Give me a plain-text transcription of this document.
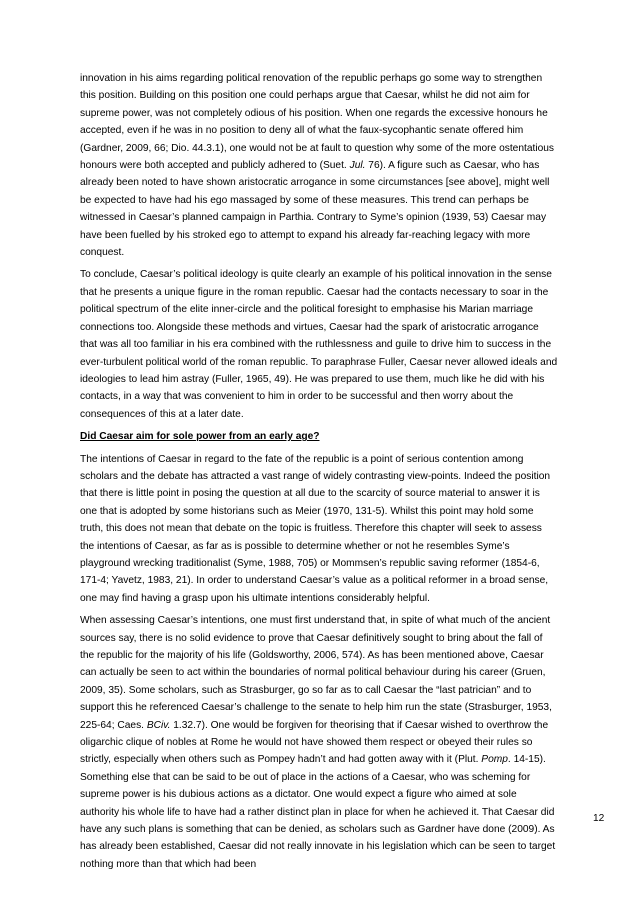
innovation in his aims regarding political renovation of the republic perhaps go some way to strengthen this position. Building on this position one could perhaps argue that Caesar, whilst he did not aim for supreme power, was not completely odious of his position. When one regards the excessive honours he accepted, even if he was in no position to deny all of what the faux-sycophantic senate offered him (Gardner, 2009, 66; Dio. 44.3.1), one would not be at fault to question why some of the more ostentatious honours were both accepted and publicly adhered to (Suet. Jul. 76). A figure such as Caesar, who has already been noted to have shown aristocratic arrogance in some circumstances [see above], might well be expected to have had his ego massaged by some of these measures. This trend can perhaps be witnessed in Caesar’s planned campaign in Parthia. Contrary to Syme’s opinion (1939, 53) Caesar may have been fuelled by his stroked ego to attempt to expand his already far-reaching legacy with more conquest.

To conclude, Caesar’s political ideology is quite clearly an example of his political innovation in the sense that he presents a unique figure in the roman republic. Caesar had the contacts necessary to soar in the political spectrum of the elite inner-circle and the political foresight to emphasise his Marian marriage connections too. Alongside these methods and virtues, Caesar had the spark of aristocratic arrogance that was all too familiar in his era combined with the ruthlessness and guile to drive him to success in the ever-turbulent political world of the roman republic. To paraphrase Fuller, Caesar never allowed ideals and ideologies to lead him astray (Fuller, 1965, 49). He was prepared to use them, much like he did with his contacts, in a way that was convenient to him in order to be successful and then worry about the consequences of this at a later date.

Did Caesar aim for sole power from an early age?

The intentions of Caesar in regard to the fate of the republic is a point of serious contention among scholars and the debate has attracted a vast range of widely contrasting view-points. Indeed the position that there is little point in posing the question at all due to the scarcity of source material to answer it is one that is adopted by some historians such as Meier (1970, 131-5). Whilst this point may hold some truth, this does not mean that debate on the topic is fruitless. Therefore this chapter will seek to assess the intentions of Caesar, as far as is possible to determine whether or not he resembles Syme’s playground wrecking traditionalist (Syme, 1988, 705) or Mommsen’s republic saving reformer (1854-6, 171-4; Yavetz, 1983, 21). In order to understand Caesar’s value as a political reformer in a broad sense, one may find having a grasp upon his ultimate intentions considerably helpful.

When assessing Caesar’s intentions, one must first understand that, in spite of what much of the ancient sources say, there is no solid evidence to prove that Caesar definitively sought to bring about the fall of the republic for the majority of his life (Goldsworthy, 2006, 574). As has been mentioned above, Caesar can actually be seen to act within the boundaries of normal political behaviour during his career (Gruen, 2009, 35). Some scholars, such as Strasburger, go so far as to call Caesar the “last patrician” and to support this he referenced Caesar’s challenge to the senate to help him run the state (Strasburger, 1953, 225-64; Caes. BCiv. 1.32.7). One would be forgiven for theorising that if Caesar wished to overthrow the oligarchic clique of nobles at Rome he would not have showed them respect or obeyed their rules so strictly, especially when others such as Pompey hadn’t and had gotten away with it (Plut. Pomp. 14-15). Something else that can be said to be out of place in the actions of a Caesar, who was scheming for supreme power is his dubious actions as a dictator. One would expect a figure who aimed at sole authority his whole life to have had a rather distinct plan in place for when he achieved it. That Caesar did have any such plans is something that can be denied, as scholars such as Gardner have done (2009). As has already been established, Caesar did not really innovate in his legislation which can be seen to target nothing more than that which had been

12
